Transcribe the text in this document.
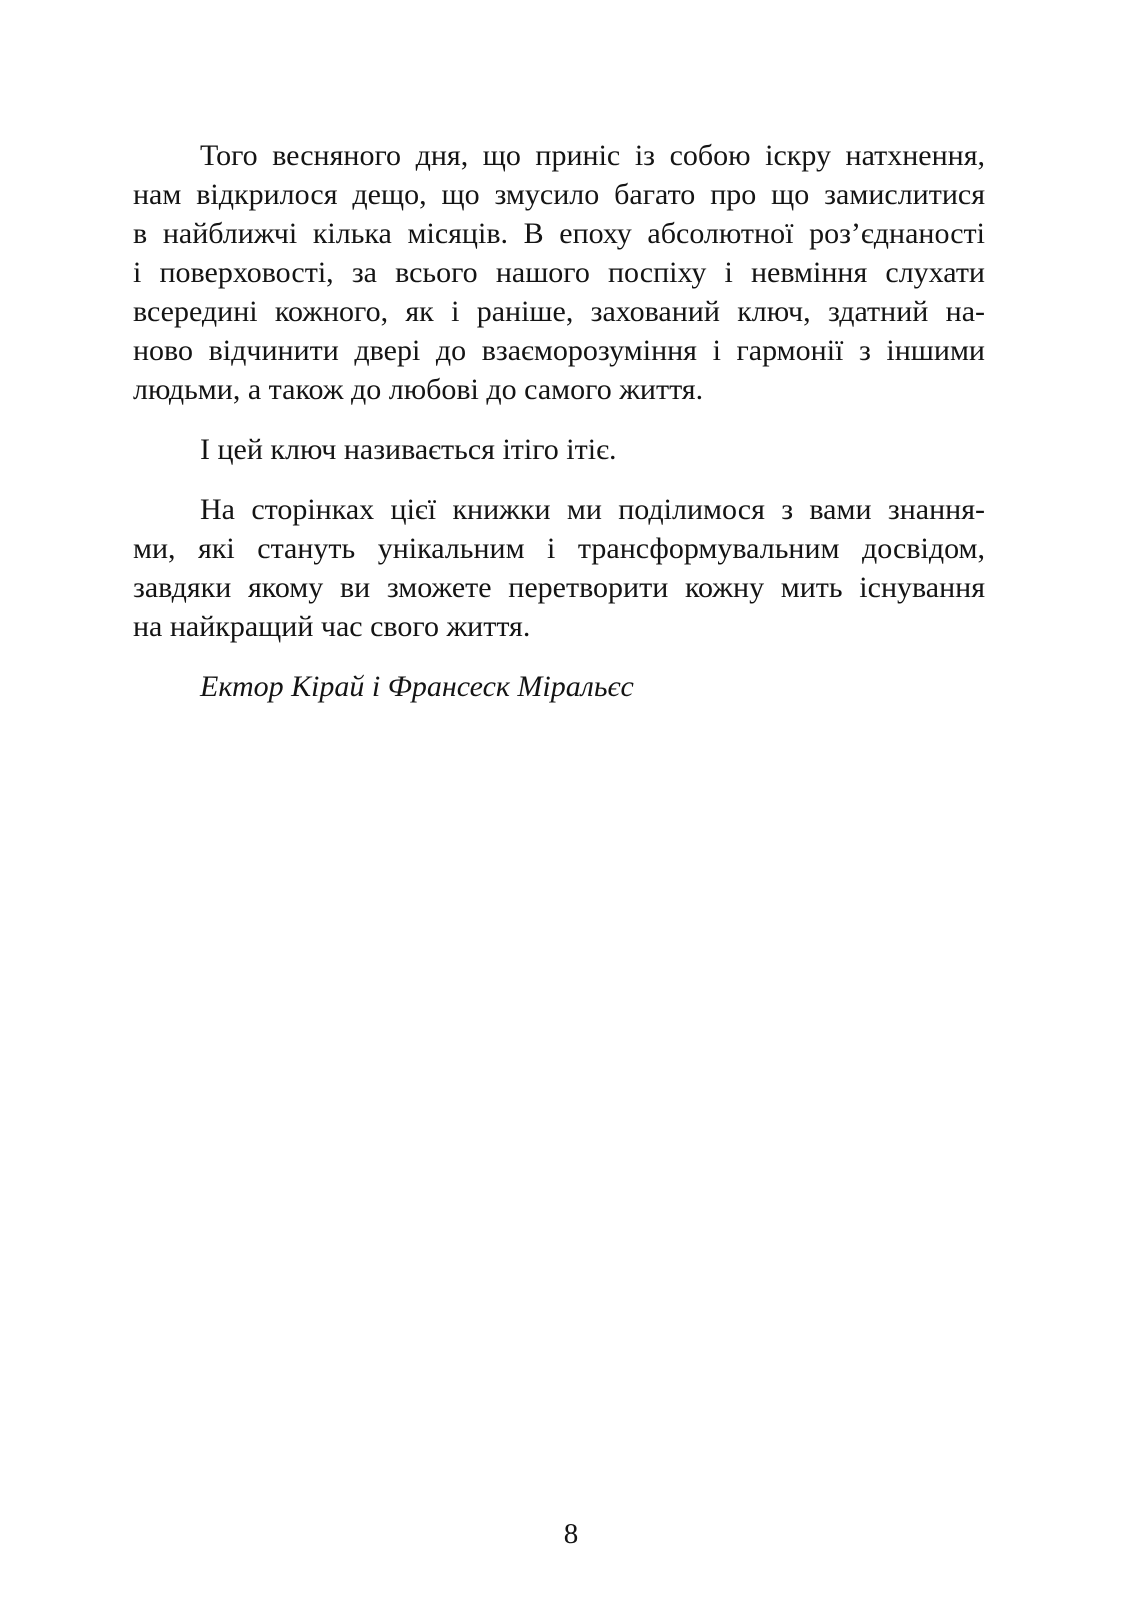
Того весняного дня, що приніс із собою іскру натхнення,
нам відкрилося дещо, що змусило багато про що замислитися
в найближчі кілька місяців. В епоху абсолютної роз’єднаності
і поверховості, за всього нашого поспіху і невміння слухати
всередині кожного, як і раніше, захований ключ, здатний на-
ново відчинити двері до взаєморозуміння і гармонії з іншими
людьми, а також до любові до самого життя.
І цей ключ називається ітіго ітіє.
На сторінках цієї книжки ми поділимося з вами знання-
ми, які стануть унікальним і трансформувальним досвідом,
завдяки якому ви зможете перетворити кожну мить існування
на найкращий час свого життя.
Ектор Кірай і Франсеск Міральєс
8
